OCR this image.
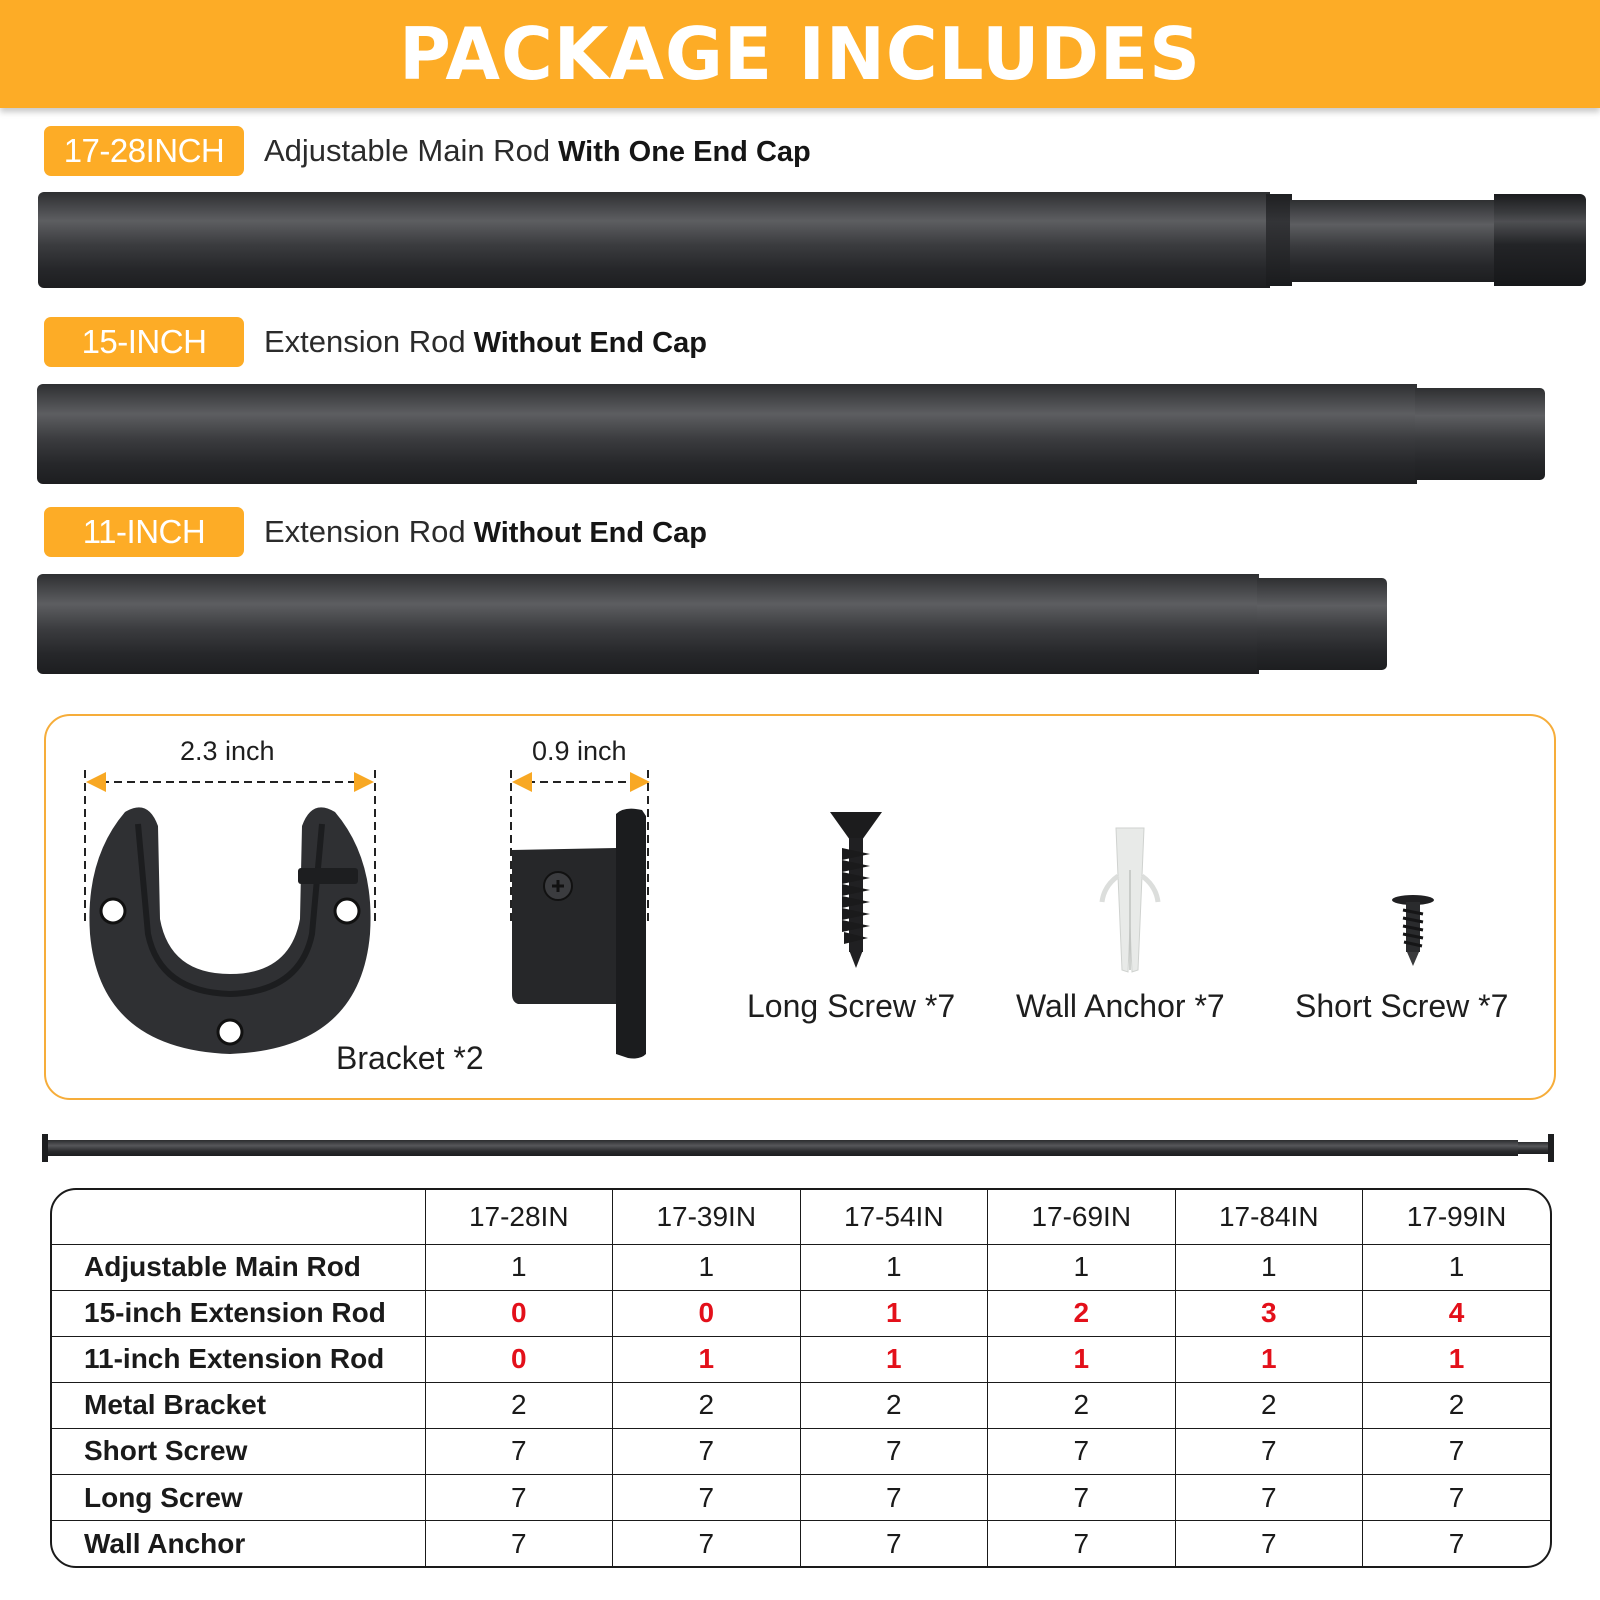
PACKAGE INCLUDES
17-28INCH	Adjustable Main Rod With One End Cap
15-INCH	Extension Rod Without End Cap
11-INCH	Extension Rod Without End Cap
2.3 inch	0.9 inch
Bracket *2
Long Screw *7 Wall Anchor *7 Short Screw *7
	17-28IN	17-39IN	17-54IN	17-69IN	17-84IN	17-99IN
Adjustable Main Rod	1	1	1	1	1	1
15-inch Extension Rod	0	0	1	2	3	4
11-inch Extension Rod	0	1	1	1	1	1
Metal Bracket	2	2	2	2	2	2
Short Screw	7	7	7	7	7	7
Long Screw	7	7	7	7	7	7
Wall Anchor	7	7	7	7	7	7
